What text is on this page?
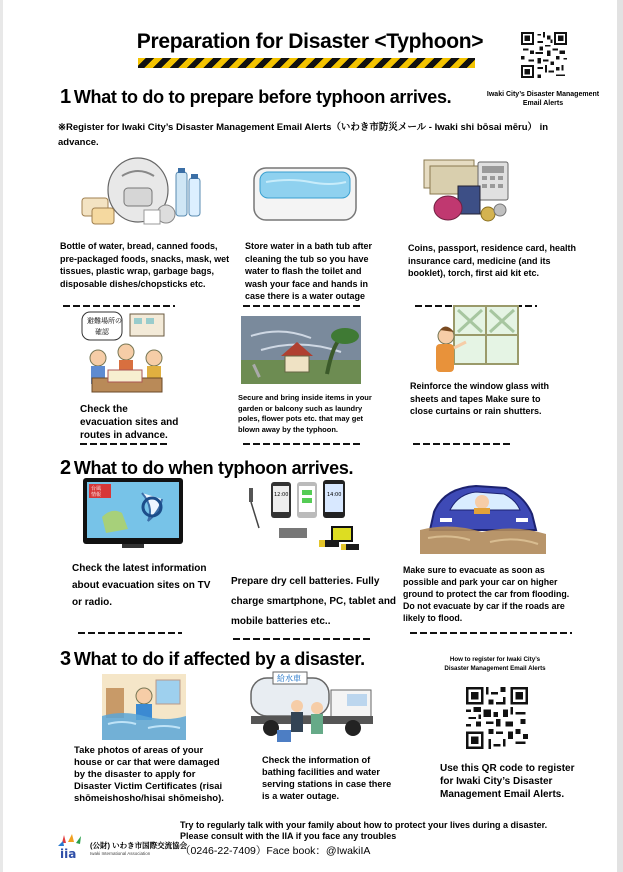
Preparation for Disaster <Typhoon>
Iwaki City’s Disaster Management
Email Alerts
1 What to do to prepare before typhoon arrives.
※Register for Iwaki City’s Disaster Management Email Alerts（いわき市防災メール - Iwaki shi bōsai mēru） in advance.
Bottle of water, bread, canned foods, pre-packaged foods, snacks, mask, wet tissues, plastic wrap, garbage bags, disposable dishes/chopsticks etc.
Store water in a bath tub after cleaning the tub so you have water to flash the toilet and wash your face and hands in case there is a water outage
Coins, passport, residence card, health insurance card, medicine (and its booklet), torch, first aid kit etc.
避難場所の
確認
Check the evacuation sites and routes in advance.
Secure and bring inside items in your garden or balcony such as laundry poles, flower pots etc. that may get blown away by the typhoon.
Reinforce the window glass with sheets and tapes Make sure to close curtains or rain shutters.
2 What to do when typhoon arrives.
台風
情報
Check the latest information about evacuation sites on TV or radio.
12:00	14:00
Prepare dry cell batteries. Fully charge smartphone, PC, tablet and mobile batteries etc..
Make sure to evacuate as soon as possible and park your car on higher ground to protect the car from flooding. Do not evacuate by car if the roads are likely to flood.
3 What to do if affected by a disaster.
Take photos of areas of your house or car that were damaged by the disaster to apply for Disaster Victim Certificates (risai shōmeishosho/hisai shōmeisho).
給水車
Check the information of bathing facilities and water serving stations in case there is a water outage.
How to register for Iwaki City’s
Disaster Management Email Alerts
Use this QR code to register for Iwaki City’s Disaster Management Email Alerts.
Try to regularly talk with your family about how to protect your lives during a disaster.
Please consult with the IIA if you face any troubles
（0246-22-7409）Face book：@IwakiIA
iia
(公財) いわき市国際交流協会
Iwaki International Association
